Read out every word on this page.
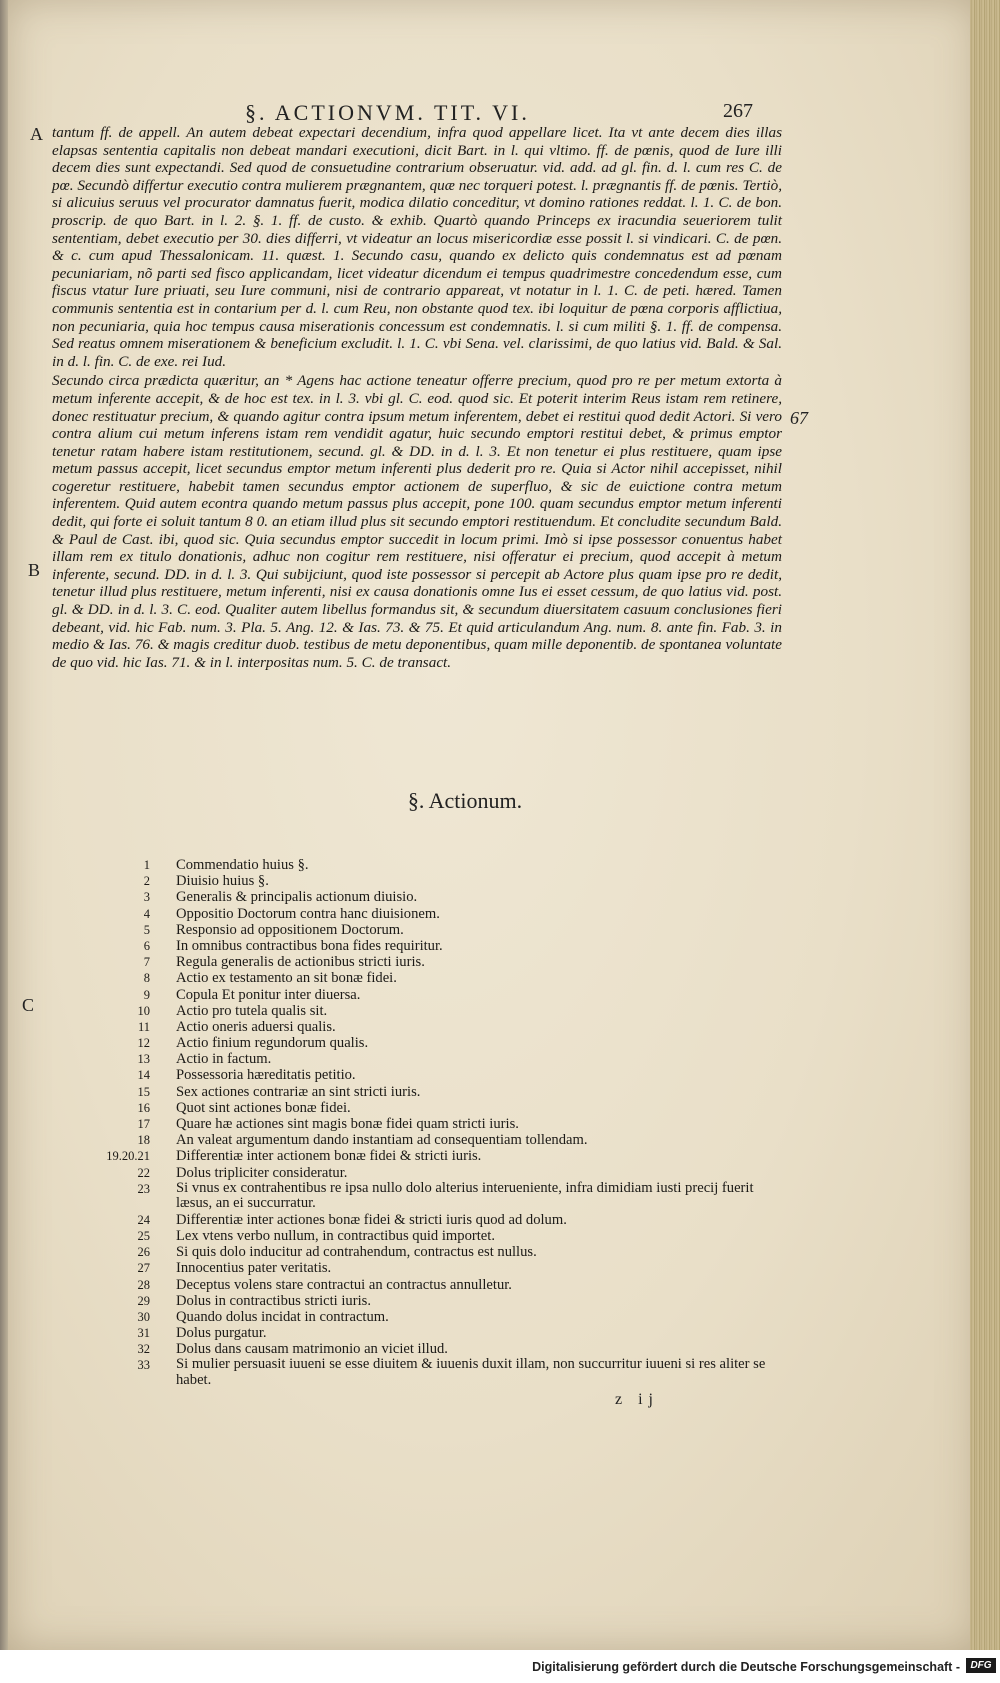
§. ACTIONVM. TIT. VI.	267
A
67
B
C

tantum ff. de appell. An autem debeat expectari decendium, infra quod appellare licet. Ita vt ante decem dies illas elapsas sententia capitalis non debeat mandari executioni, dicit Bart. in l. qui vltimo. ff. de pœnis, quod de Iure illi decem dies sunt expectandi. Sed quod de consuetudine contrarium obseruatur. vid. add. ad gl. fin. d. l. cum res C. de pœ. Secundò differtur executio contra mulierem prægnantem, quæ nec torqueri potest. l. prægnantis ff. de pœnis. Tertiò, si alicuius seruus vel procurator damnatus fuerit, modica dilatio conceditur, vt domino rationes reddat. l. 1. C. de bon. proscrip. de quo Bart. in l. 2. §. 1. ff. de custo. & exhib. Quartò quando Princeps ex iracundia seueriorem tulit sententiam, debet executio per 30. dies differri, vt videatur an locus misericordiæ esse possit l. si vindicari. C. de pœn. & c. cum apud Thessalonicam. 11. quæst. 1. Secundo casu, quando ex delicto quis condemnatus est ad pœnam pecuniariam, nõ parti sed fisco applicandam, licet videatur dicendum ei tempus quadrimestre concedendum esse, cum fiscus vtatur Iure priuati, seu Iure communi, nisi de contrario appareat, vt notatur in l. 1. C. de peti. hæred. Tamen communis sententia est in contarium per d. l. cum Reu, non obstante quod tex. ibi loquitur de pœna corporis afflictiua, non pecuniaria, quia hoc tempus causa miserationis concessum est condemnatis. l. si cum militi §. 1. ff. de compensa. Sed reatus omnem miserationem & beneficium excludit. l. 1. C. vbi Sena. vel. clarissimi, de quo latius vid. Bald. & Sal. in d. l. fin. C. de exe. rei Iud.

Secundo circa prædicta quæritur, an * Agens hac actione teneatur offerre precium, quod pro re per metum extorta à metum inferente accepit, & de hoc est tex. in l. 3. vbi gl. C. eod. quod sic. Et poterit interim Reus istam rem retinere, donec restituatur precium, & quando agitur contra ipsum metum inferentem, debet ei restitui quod dedit Actori. Si vero contra alium cui metum inferens istam rem vendidit agatur, huic secundo emptori restitui debet, & primus emptor tenetur ratam habere istam restitutionem, secund. gl. & DD. in d. l. 3. Et non tenetur ei plus restituere, quam ipse metum passus accepit, licet secundus emptor metum inferenti plus dederit pro re. Quia si Actor nihil accepisset, nihil cogeretur restituere, habebit tamen secundus emptor actionem de superfluo, & sic de euictione contra metum inferentem. Quid autem econtra quando metum passus plus accepit, pone 100. quam secundus emptor metum inferenti dedit, qui forte ei soluit tantum 8 0. an etiam illud plus sit secundo emptori restituendum. Et concludite secundum Bald. & Paul de Cast. ibi, quod sic. Quia secundus emptor succedit in locum primi. Imò si ipse possessor conuentus habet illam rem ex titulo donationis, adhuc non cogitur rem restituere, nisi offeratur ei precium, quod accepit à metum inferente, secund. DD. in d. l. 3. Qui subijciunt, quod iste possessor si percepit ab Actore plus quam ipse pro re dedit, tenetur illud plus restituere, metum inferenti, nisi ex causa donationis omne Ius ei esset cessum, de quo latius vid. post. gl. & DD. in d. l. 3. C. eod. Qualiter autem libellus formandus sit, & secundum diuersitatem casuum conclusiones fieri debeant, vid. hic Fab. num. 3. Pla. 5. Ang. 12. & Ias. 73. & 75. Et quid articulandum Ang. num. 8. ante fin. Fab. 3. in medio & Ias. 76. & magis creditur duob. testibus de metu deponentibus, quam mille deponentib. de spontanea voluntate de quo vid. hic Ias. 71. & in l. interpositas num. 5. C. de transact.

§. Actionum.
1 Commendatio huius §.
2 Diuisio huius §.
3 Generalis & principalis actionum diuisio.
4 Oppositio Doctorum contra hanc diuisionem.
5 Responsio ad oppositionem Doctorum.
6 In omnibus contractibus bona fides requiritur.
7 Regula generalis de actionibus stricti iuris.
8 Actio ex testamento an sit bonæ fidei.
9 Copula Et ponitur inter diuersa.
10 Actio pro tutela qualis sit.
11 Actio oneris aduersi qualis.
12 Actio finium regundorum qualis.
13 Actio in factum.
14 Possessoria hæreditatis petitio.
15 Sex actiones contrariæ an sint stricti iuris.
16 Quot sint actiones bonæ fidei.
17 Quare hæ actiones sint magis bonæ fidei quam stricti iuris.
18 An valeat argumentum dando instantiam ad consequentiam tollendam.
19.20.21 Differentiæ inter actionem bonæ fidei & stricti iuris.
22 Dolus tripliciter consideratur.
23 Si vnus ex contrahentibus re ipsa nullo dolo alterius interueniente, infra dimidiam iusti precij fuerit læsus, an ei succurratur.
24 Differentiæ inter actiones bonæ fidei & stricti iuris quod ad dolum.
25 Lex vtens verbo nullum, in contractibus quid importet.
26 Si quis dolo inducitur ad contrahendum, contractus est nullus.
27 Innocentius pater veritatis.
28 Deceptus volens stare contractui an contractus annulletur.
29 Dolus in contractibus stricti iuris.
30 Quando dolus incidat in contractum.
31 Dolus purgatur.
32 Dolus dans causam matrimonio an viciet illud.
33 Si mulier persuasit iuueni se esse diuitem & iuuenis duxit illam, non succurritur iuueni si res aliter se habet.
z ij
Digitalisierung gefördert durch die Deutsche Forschungsgemeinschaft -	DFG
